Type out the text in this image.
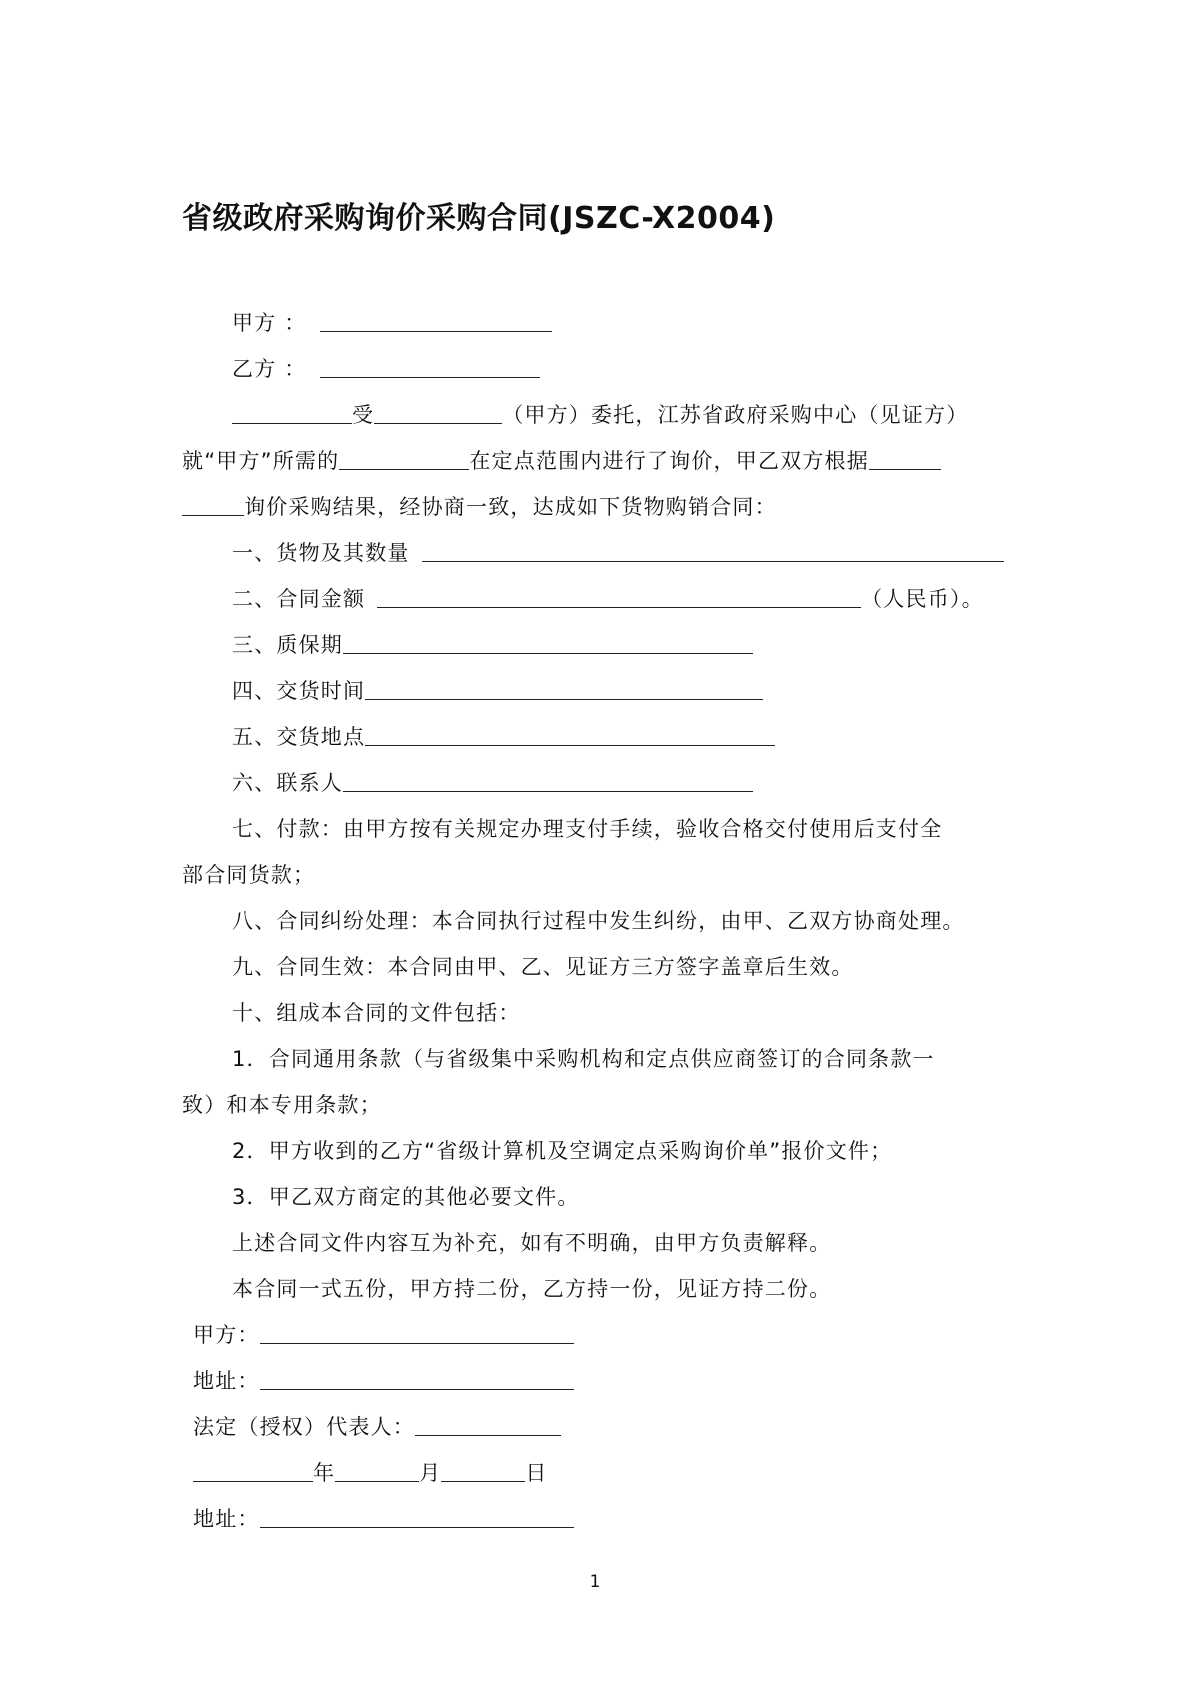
省级政府采购询价采购合同(JSZC-X2004)
甲方 ：
乙方 ：
受	（甲方）委托，江苏省政府采购中心（见证方）
就“甲方”所需的	在定点范围内进行了询价，甲乙双方根据
询价采购结果，经协商一致，达成如下货物购销合同：
一、货物及其数量
二、合同金额	（人民币）。
三、质保期
四、交货时间
五、交货地点
六、联系人
七、付款：由甲方按有关规定办理支付手续，验收合格交付使用后支付全
部合同货款；
八、合同纠纷处理：本合同执行过程中发生纠纷，由甲、乙双方协商处理。
九、合同生效：本合同由甲、乙、见证方三方签字盖章后生效。
十、组成本合同的文件包括：
1．合同通用条款（与省级集中采购机构和定点供应商签订的合同条款一
致）和本专用条款；
2．甲方收到的乙方“省级计算机及空调定点采购询价单”报价文件；
3．甲乙双方商定的其他必要文件。
上述合同文件内容互为补充，如有不明确，由甲方负责解释。
本合同一式五份，甲方持二份，乙方持一份，见证方持二份。
甲方：
地址：
法定（授权）代表人：
年	月	日
地址：
1
